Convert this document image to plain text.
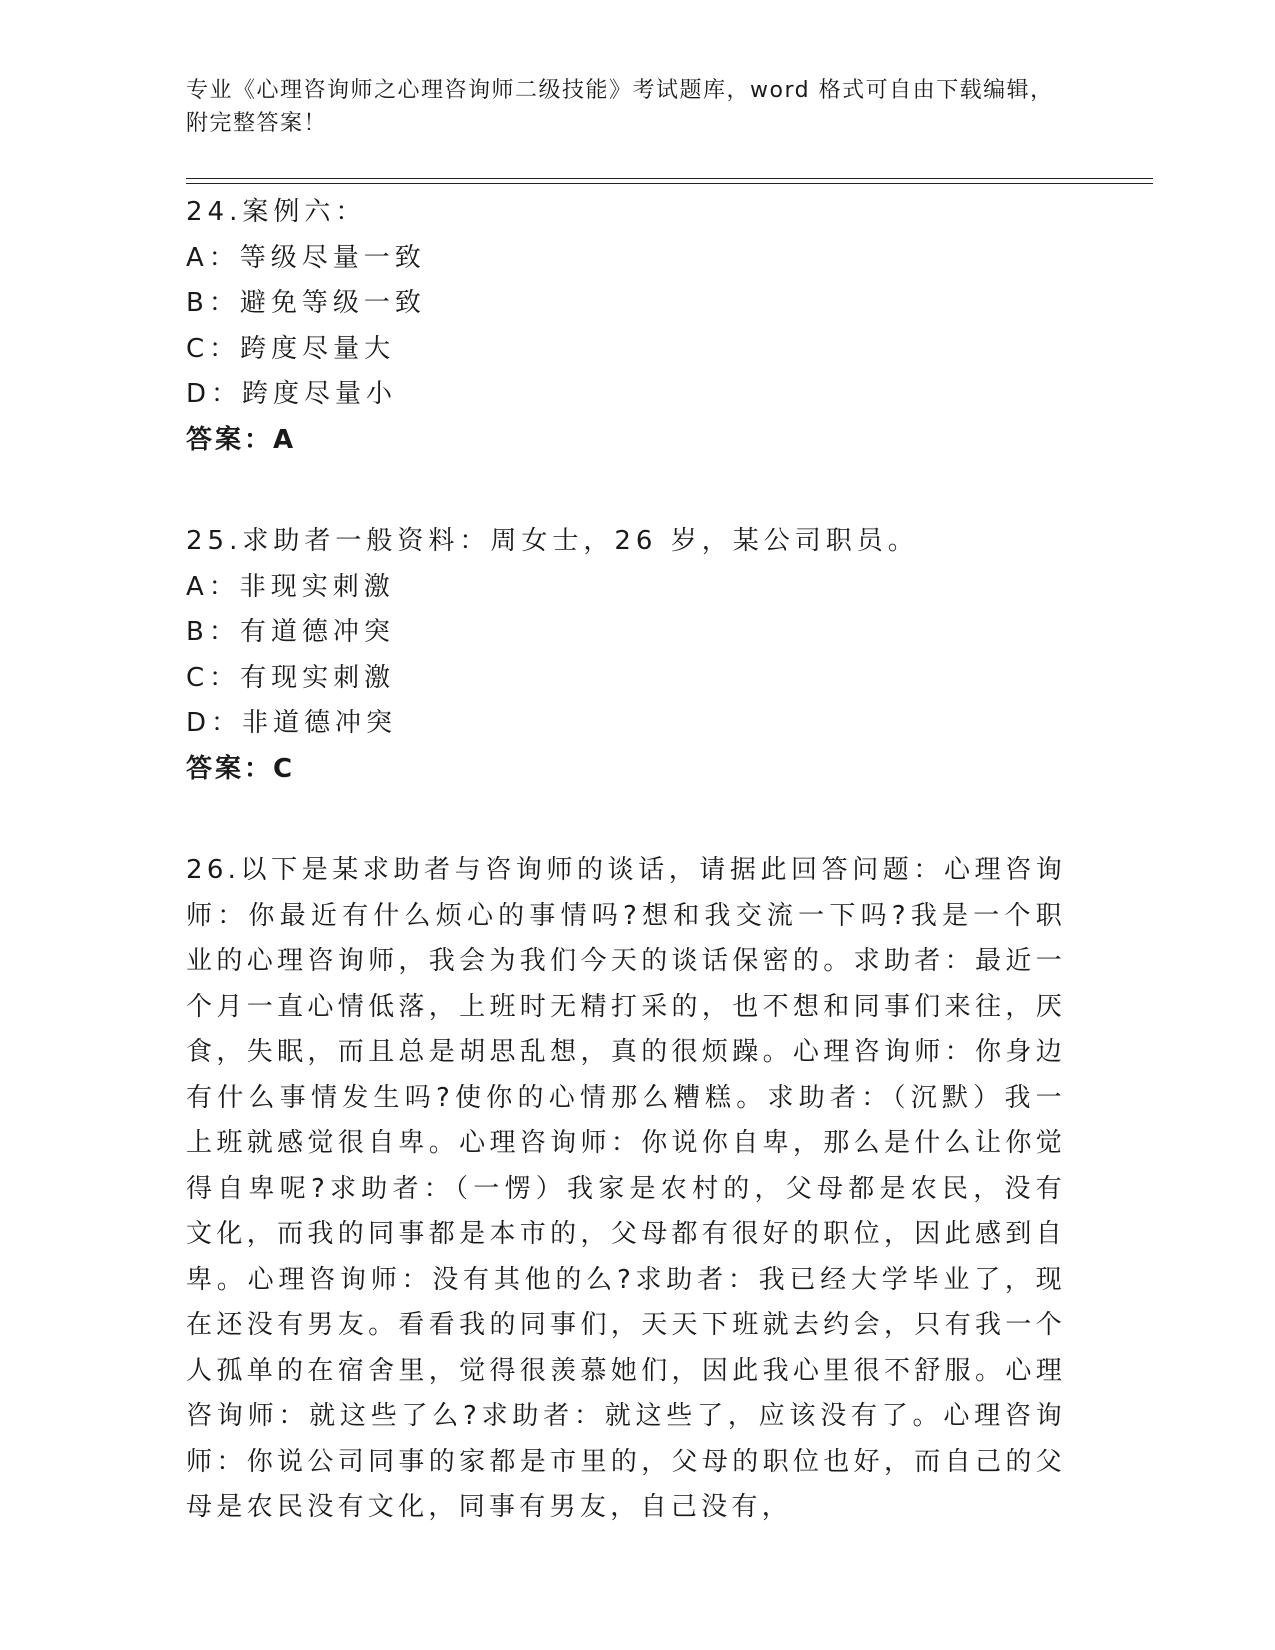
专业《心理咨询师之心理咨询师二级技能》考试题库，word 格式可自由下载编辑，附完整答案！
24.案例六：
A：等级尽量一致
B：避免等级一致
C：跨度尽量大
D：跨度尽量小
答案：A
25.求助者一般资料：周女士，26 岁，某公司职员。
A：非现实刺激
B：有道德冲突
C：有现实刺激
D：非道德冲突
答案：C
26.以下是某求助者与咨询师的谈话，请据此回答问题：心理咨询师：你最近有什么烦心的事情吗?想和我交流一下吗?我是一个职业的心理咨询师，我会为我们今天的谈话保密的。求助者：最近一个月一直心情低落，上班时无精打采的，也不想和同事们来往，厌食，失眠，而且总是胡思乱想，真的很烦躁。心理咨询师：你身边有什么事情发生吗?使你的心情那么糟糕。求助者：（沉默）我一上班就感觉很自卑。心理咨询师：你说你自卑，那么是什么让你觉得自卑呢?求助者：（一愣）我家是农村的，父母都是农民，没有文化，而我的同事都是本市的，父母都有很好的职位，因此感到自卑。心理咨询师：没有其他的么?求助者：我已经大学毕业了，现在还没有男友。看看我的同事们，天天下班就去约会，只有我一个人孤单的在宿舍里，觉得很羡慕她们，因此我心里很不舒服。心理咨询师：就这些了么?求助者：就这些了，应该没有了。心理咨询师：你说公司同事的家都是市里的，父母的职位也好，而自己的父母是农民没有文化，同事有男友，自己没有，
